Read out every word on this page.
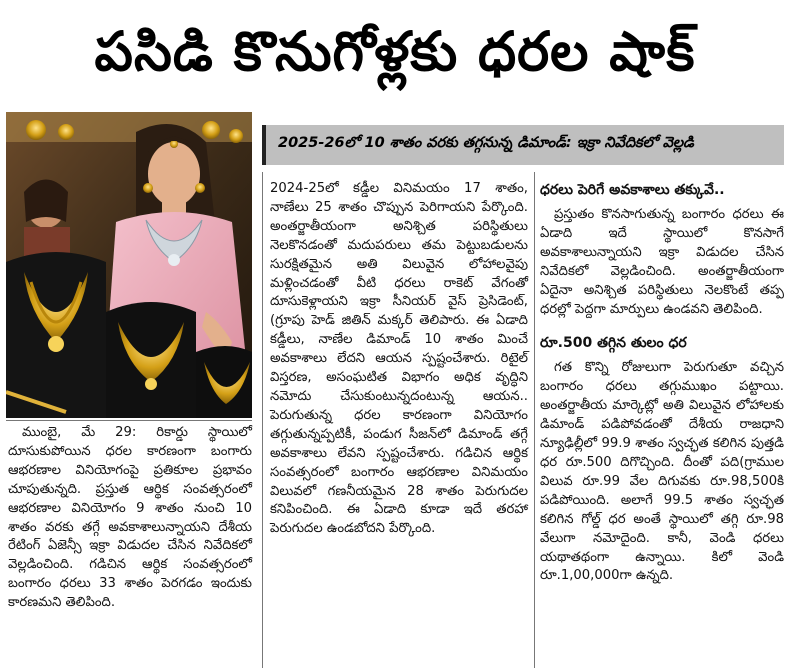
పసిడి కొనుగోళ్లకు ధరల షాక్
2025-26లో 10 శాతం వరకు తగ్గనున్న డిమాండ్: ఇక్రా నివేదికలో వెల్లడి

ముంబై, మే 29: రికార్డు స్థాయిలో దూసుకుపోయిన ధరల కారణంగా బంగారు ఆభరణాల వినియోగంపై ప్రతికూల ప్రభావం చూపుతున్నది. ప్రస్తుత ఆర్థిక సంవత్సరంలో ఆభరణాల వినియోగం 9 శాతం నుంచి 10 శాతం వరకు తగ్గే అవకాశాలున్నాయని దేశీయ రేటింగ్ ఏజెన్సీ ఇక్రా విడుదల చేసిన నివేదికలో వెల్లడించింది. గడిచిన ఆర్థిక సంవత్సరంలో బంగారం ధరలు 33 శాతం పెరగడం ఇందుకు కారణమని తెలిపింది.

2024-25లో కడ్డీల వినిమయం 17 శాతం, నాణేలు 25 శాతం చొప్పున పెరిగాయని పేర్కొంది. అంతర్జాతీయంగా అనిశ్చిత పరిస్థితులు నెలకొనడంతో మదుపరులు తమ పెట్టుబడులను సురక్షితమైన అతి విలువైన లోహాలవైపు మళ్లించడంతో వీటి ధరలు రాకెట్ వేగంతో దూసుకెళ్లాయని ఇక్రా సీనియర్ వైస్ ప్రెసిడెంట్, (గ్రూపు హెడ్ జితిన్ మక్కర్ తెలిపారు. ఈ ఏడాది కడ్డీలు, నాణేల డిమాండ్ 10 శాతం మించే అవకాశాలు లేదని ఆయన స్పష్టంచేశారు. రిటైల్ విస్తరణ, అసంఘటిత విభాగం అధిక వృద్ధిని నమోదు చేసుకుంటున్నదంటున్న ఆయన.. పెరుగుతున్న ధరల కారణంగా వినియోగం తగ్గుతున్నప్పటికీ, పండుగ సీజన్‌లో డిమాండ్ తగ్గే అవకాశాలు లేవని స్పష్టంచేశారు. గడిచిన ఆర్థిక సంవత్సరంలో బంగారం ఆభరణాల వినిమయం విలువలో గణనీయమైన 28 శాతం పెరుగుదల కనిపించింది. ఈ ఏడాది కూడా ఇదే తరహా పెరుగుదల ఉండబోదని పేర్కొంది.

ధరలు పెరిగే అవకాశాలు తక్కువే..

ప్రస్తుతం కొనసాగుతున్న బంగారం ధరలు ఈ ఏడాది ఇదే స్థాయిలో కొనసాగే అవకాశాలున్నాయని ఇక్రా విడుదల చేసిన నివేదికలో వెల్లడించింది. అంతర్జాతీయంగా ఏదైనా అనిశ్చిత పరిస్థితులు నెలకొంటే తప్ప ధరల్లో పెద్దగా మార్పులు ఉండవని తెలిపింది.

రూ.500 తగ్గిన తులం ధర

గత కొన్ని రోజులుగా పెరుగుతూ వచ్చిన బంగారం ధరలు తగ్గుముఖం పట్టాయి. అంతర్జాతీయ మార్కెట్లో అతి విలువైన లోహాలకు డిమాండ్ పడిపోవడంతో దేశీయ రాజధాని న్యూఢిల్లీలో 99.9 శాతం స్వచ్ఛత కలిగిన పుత్తడి ధర రూ.500 దిగొచ్చింది. దీంతో పది(గ్రాముల విలువ రూ.99 వేల దిగువకు రూ.98,500కి పడిపోయింది. అలాగే 99.5 శాతం స్వచ్ఛత కలిగిన గోల్డ్ ధర అంతే స్థాయిలో తగ్గి రూ.98 వేలుగా నమోదైంది. కానీ, వెండి ధరలు యథాతథంగా ఉన్నాయి. కిలో వెండి రూ.1,00,000గా ఉన్నది.
